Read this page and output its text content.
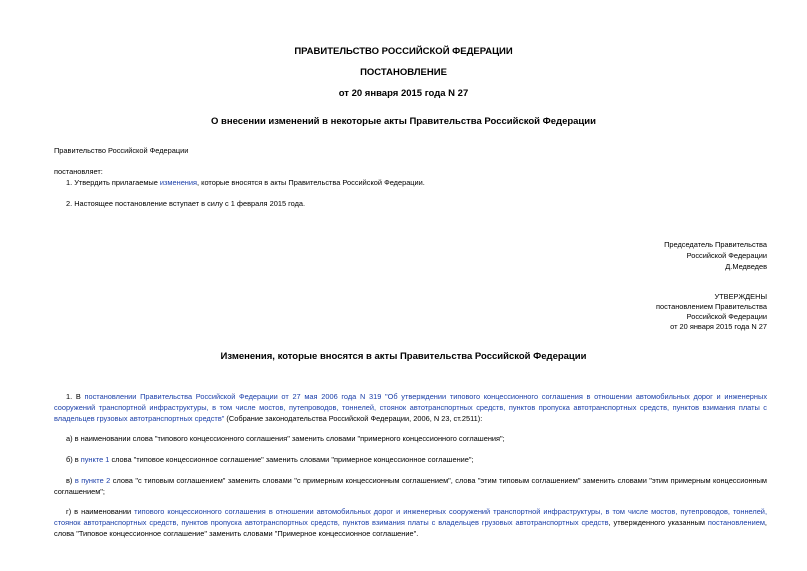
ПРАВИТЕЛЬСТВО РОССИЙСКОЙ ФЕДЕРАЦИИ
ПОСТАНОВЛЕНИЕ
от 20 января 2015 года N 27
О внесении изменений в некоторые акты Правительства Российской Федерации
Правительство Российской Федерации
постановляет:
1. Утвердить прилагаемые изменения, которые вносятся в акты Правительства Российской Федерации.
2. Настоящее постановление вступает в силу с 1 февраля 2015 года.
Председатель Правительства
Российской Федерации
Д.Медведев
УТВЕРЖДЕНЫ
постановлением Правительства
Российской Федерации
от 20 января 2015 года N 27
Изменения, которые вносятся в акты Правительства Российской Федерации
1. В постановлении Правительства Российской Федерации от 27 мая 2006 года N 319 "Об утверждении типового концессионного соглашения в отношении автомобильных дорог и инженерных сооружений транспортной инфраструктуры, в том числе мостов, путепроводов, тоннелей, стоянок автотранспортных средств, пунктов пропуска автотранспортных средств, пунктов взимания платы с владельцев грузовых автотранспортных средств" (Собрание законодательства Российской Федерации, 2006, N 23, ст.2511):
а) в наименовании слова "типового концессионного соглашения" заменить словами "примерного концессионного соглашения";
б) в пункте 1 слова "типовое концессионное соглашение" заменить словами "примерное концессионное соглашение";
в) в пункте 2 слова "с типовым соглашением" заменить словами "с примерным концессионным соглашением", слова "этим типовым соглашением" заменить словами "этим примерным концессионным соглашением";
г) в наименовании типового концессионного соглашения в отношении автомобильных дорог и инженерных сооружений транспортной инфраструктуры, в том числе мостов, путепроводов, тоннелей, стоянок автотранспортных средств, пунктов пропуска автотранспортных средств, пунктов взимания платы с владельцев грузовых автотранспортных средств, утвержденного указанным постановлением, слова "Типовое концессионное соглашение" заменить словами "Примерное концессионное соглашение".
